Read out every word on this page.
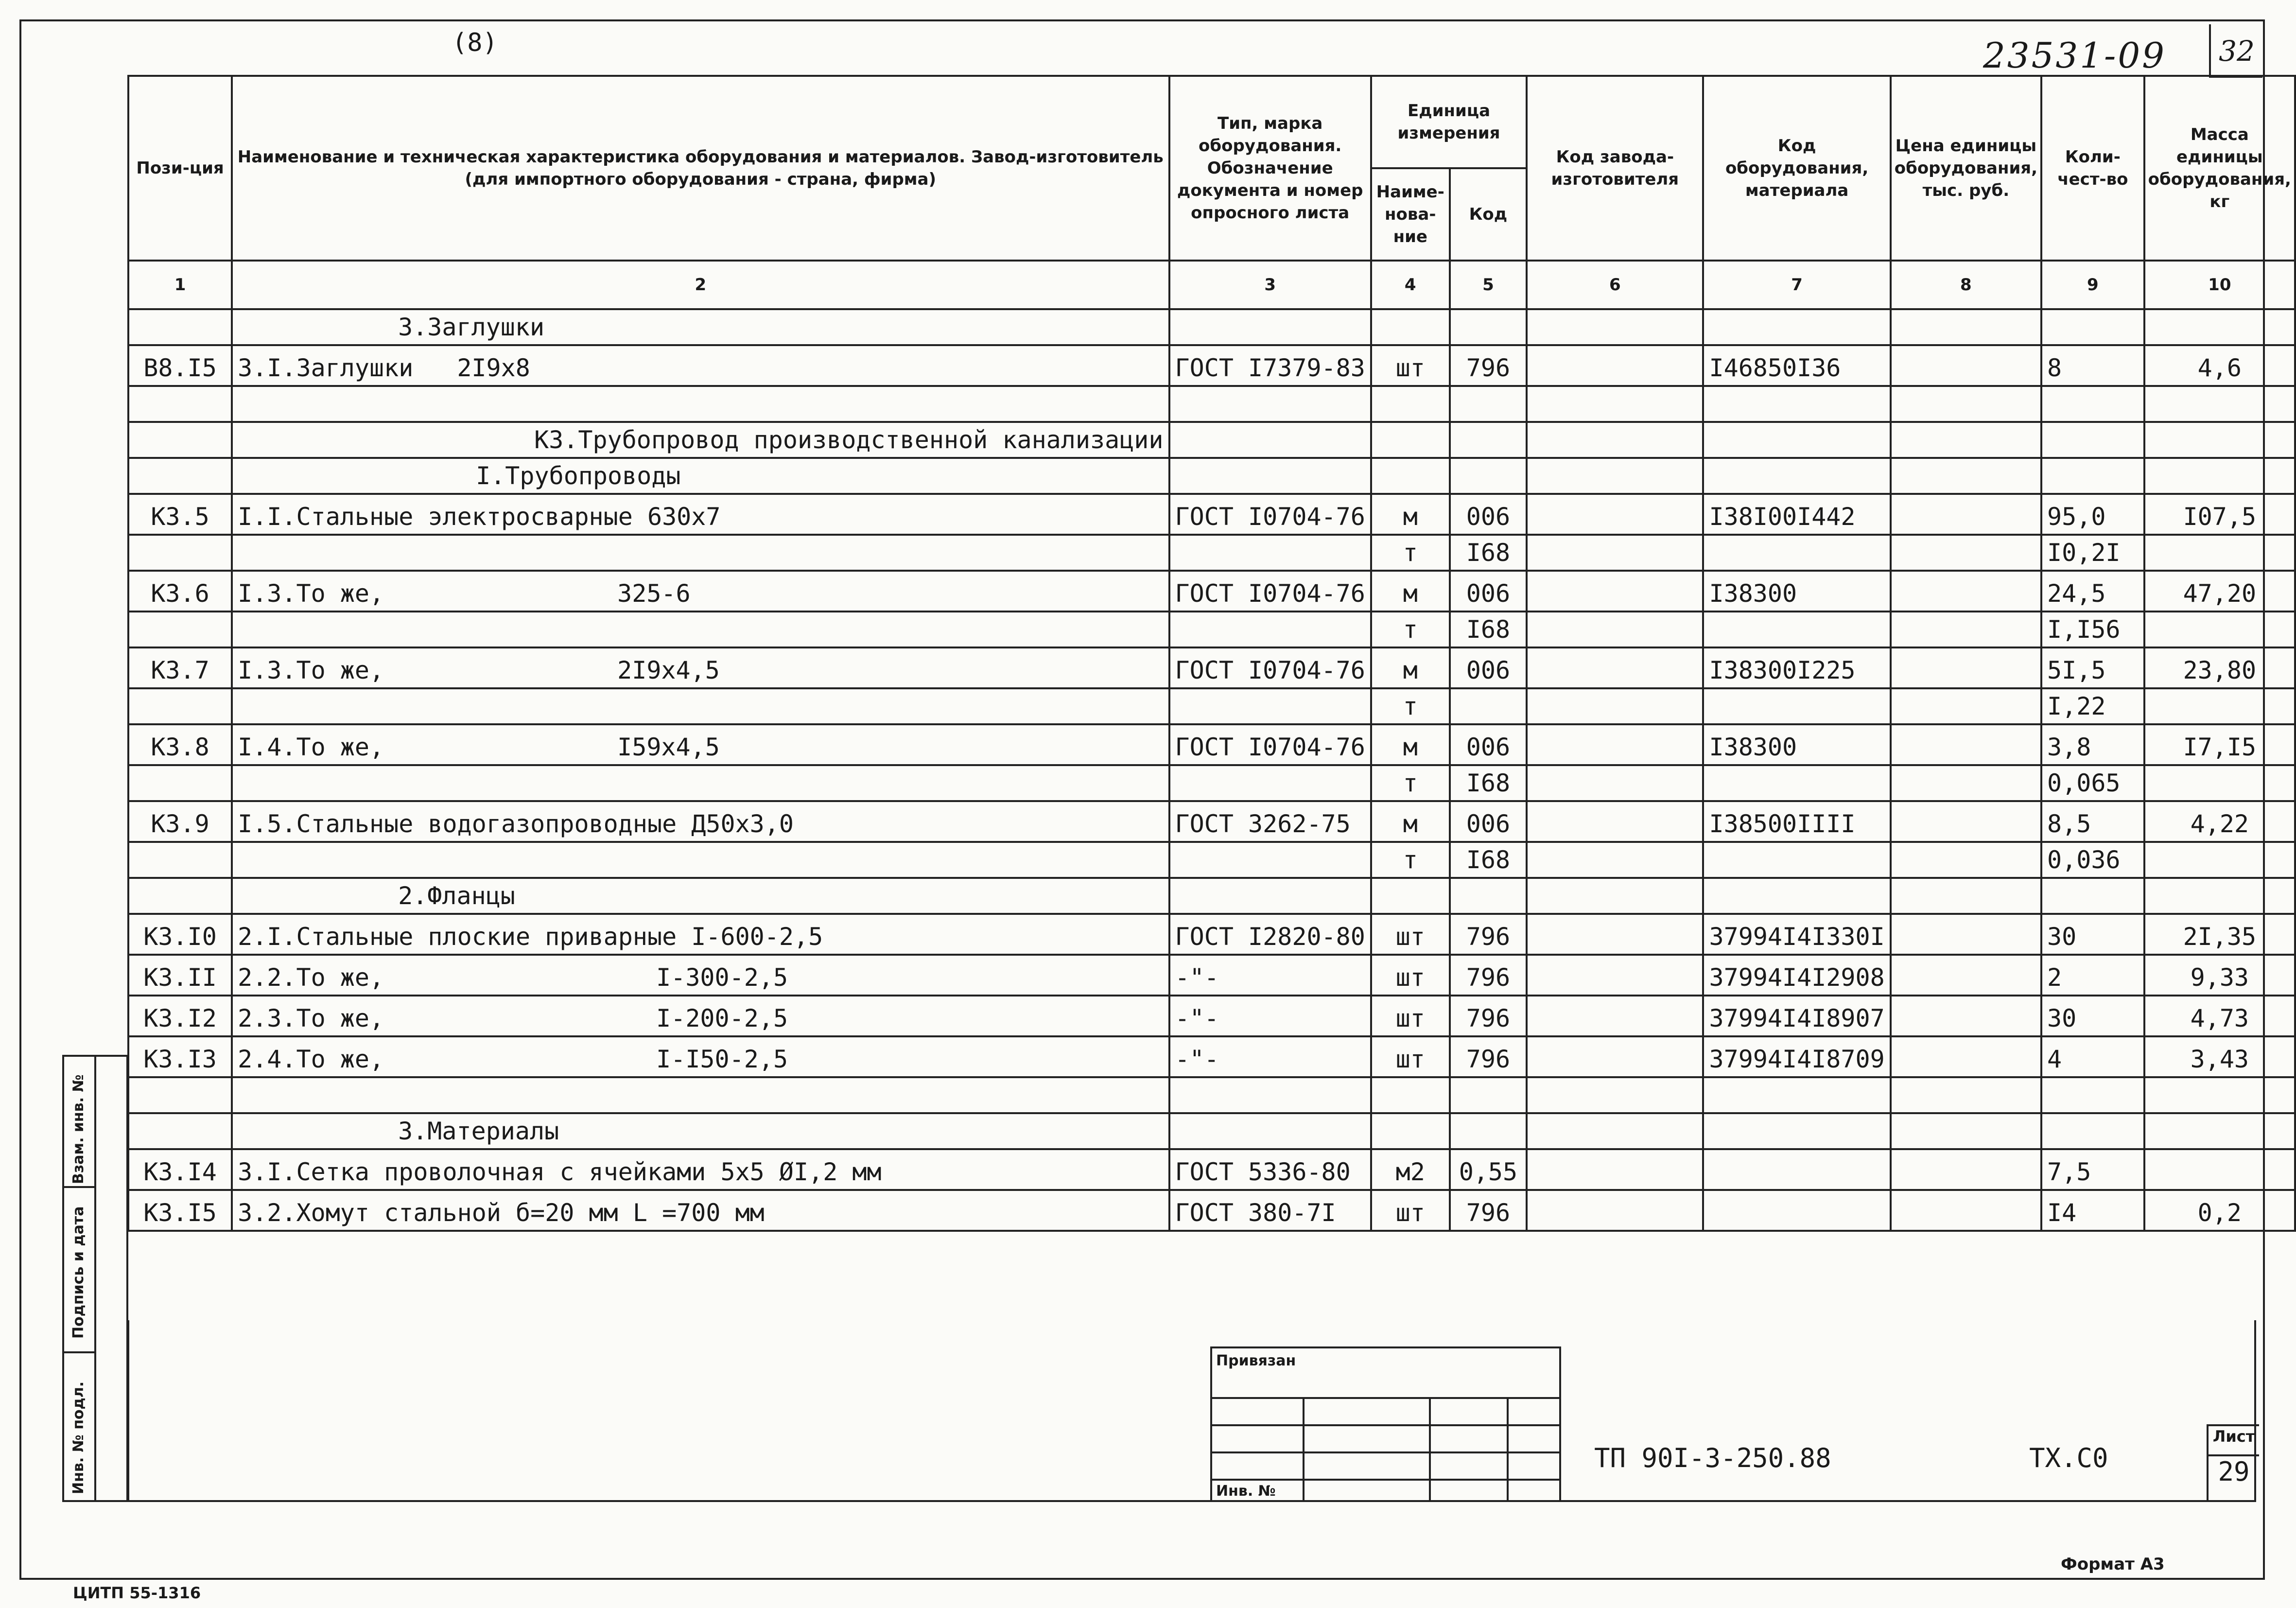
(8)	23531-09	32
Пози-ция	Наименование и техническая характеристика оборудования и материалов. Завод-изготовитель (для импортного оборудования - страна, фирма)	Тип, марка оборудования. Обозначение документа и номер опросного листа	Единица измерения		Код завода-изготовителя	Код оборудования, материала	Цена единицы оборудования, тыс. руб.	Коли-чест-во	Масса единицы оборудования, кг
			Наиме-нова-ние	Код					
1	2	3	4	5	6	7	8	9	10
	3.Заглушки								
В8.I5	3.I.Заглушки 2I9x8	ГОСТ I7379-83	шт	796		I46850I36		8	4,6

	К3.Трубопровод производственной канализации								
	I.Трубопроводы								
К3.5	I.I.Стальные электросварные 630x7	ГОСТ I0704-76	м	006		I38I00I442		95,0	I07,5
			т	I68				I0,2I	
К3.6	I.3.То же, 325-6	ГОСТ I0704-76	м	006		I38300		24,5	47,20
			т	I68				I,I56	
К3.7	I.3.То же, 2I9x4,5	ГОСТ I0704-76	м	006		I38300I225		5I,5	23,80
			т					I,22	
К3.8	I.4.То же, I59x4,5	ГОСТ I0704-76	м	006		I38300		3,8	I7,I5
			т	I68				0,065	
К3.9	I.5.Стальные водогазопроводные Д50x3,0	ГОСТ 3262-75	м	006		I38500IIII		8,5	4,22
			т	I68				0,036	
	2.Фланцы								
К3.I0	2.I.Стальные плоские приварные I-600-2,5	ГОСТ I2820-80	шт	796		37994I4I330I		30	2I,35
К3.II	2.2.То же, I-300-2,5	-"-	шт	796		37994I4I2908		2	9,33
К3.I2	2.3.То же, I-200-2,5	-"-	шт	796		37994I4I8907		30	4,73
К3.I3	2.4.То же, I-I50-2,5	-"-	шт	796		37994I4I8709		4	3,43

	3.Материалы								
К3.I4	3.I.Сетка проволочная с ячейками 5x5 ØI,2 мм	ГОСТ 5336-80	м2	0,55				7,5	
К3.I5	3.2.Хомут стальной б=20 мм L =700 мм	ГОСТ 380-7I	шт	796				I4	0,2
Взам. инв. №
Подпись и дата
Инв. № подл.
Привязан
Инв. №
ТП 90I-3-250.88	ТХ.С0
Лист
29
Формат А3
ЦИТП 55-1316
